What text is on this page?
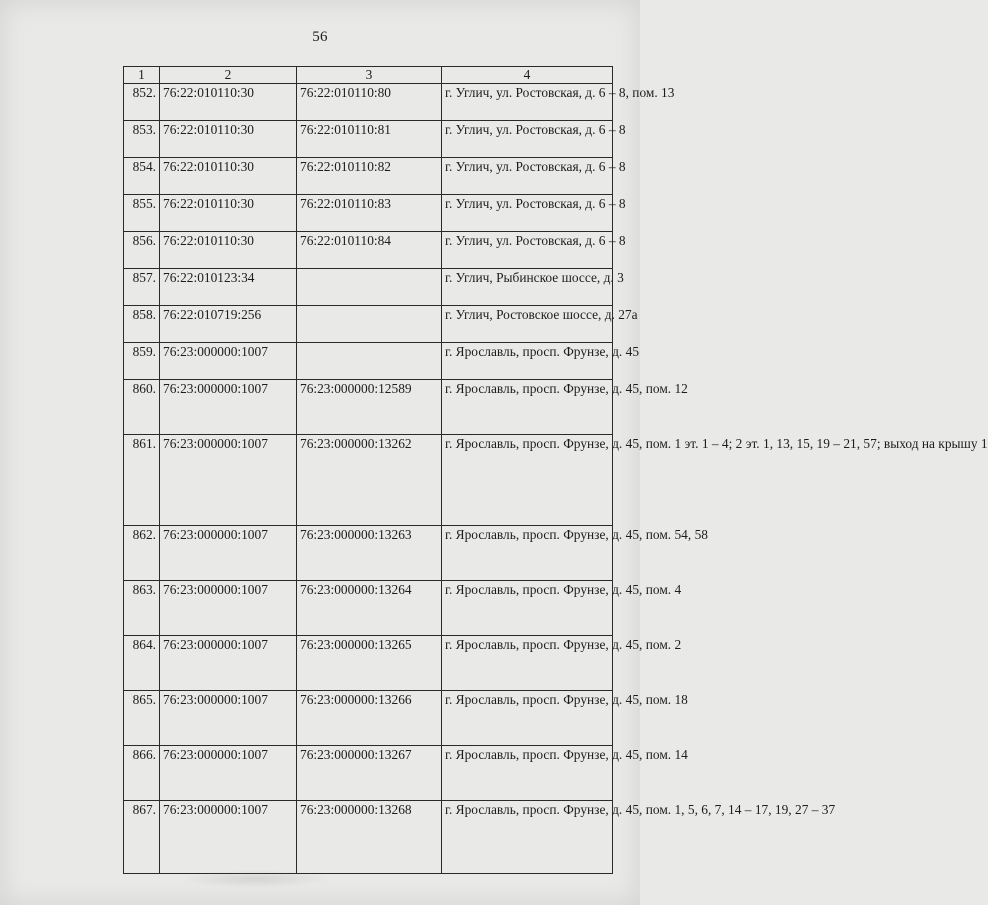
56
1	2	3	4
852.	76:22:010110:30	76:22:010110:80	г. Углич, ул. Ростовская, д. 6 – 8, пом. 13
853.	76:22:010110:30	76:22:010110:81	г. Углич, ул. Ростовская, д. 6 – 8
854.	76:22:010110:30	76:22:010110:82	г. Углич, ул. Ростовская, д. 6 – 8
855.	76:22:010110:30	76:22:010110:83	г. Углич, ул. Ростовская, д. 6 – 8
856.	76:22:010110:30	76:22:010110:84	г. Углич, ул. Ростовская, д. 6 – 8
857.	76:22:010123:34		г. Углич, Рыбинское шоссе, д. 3
858.	76:22:010719:256		г. Углич, Ростовское шоссе, д. 27а
859.	76:23:000000:1007		г. Ярославль, просп. Фрунзе, д. 45
860.	76:23:000000:1007	76:23:000000:12589	г. Ярославль, просп. Фрунзе, д. 45, пом. 12
861.	76:23:000000:1007	76:23:000000:13262	г. Ярославль, просп. Фрунзе, д. 45, пом. 1 эт. 1 – 4; 2 эт. 1, 13, 15, 19 – 21, 57; выход на крышу 1
862.	76:23:000000:1007	76:23:000000:13263	г. Ярославль, просп. Фрунзе, д. 45, пом. 54, 58
863.	76:23:000000:1007	76:23:000000:13264	г. Ярославль, просп. Фрунзе, д. 45, пом. 4
864.	76:23:000000:1007	76:23:000000:13265	г. Ярославль, просп. Фрунзе, д. 45, пом. 2
865.	76:23:000000:1007	76:23:000000:13266	г. Ярославль, просп. Фрунзе, д. 45, пом. 18
866.	76:23:000000:1007	76:23:000000:13267	г. Ярославль, просп. Фрунзе, д. 45, пом. 14
867.	76:23:000000:1007	76:23:000000:13268	г. Ярославль, просп. Фрунзе, д. 45, пом. 1, 5, 6, 7, 14 – 17, 19, 27 – 37
